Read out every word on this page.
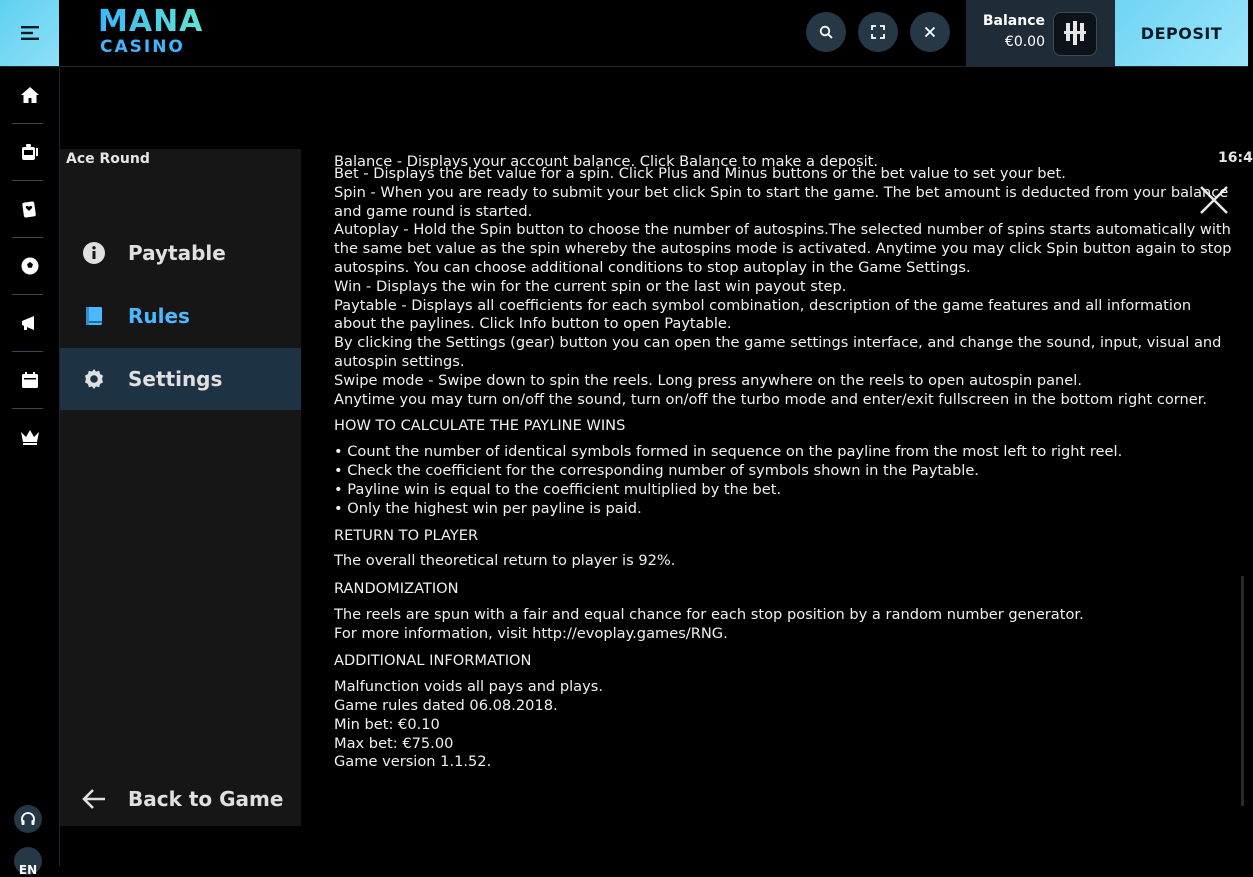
MANA
CASINO
Balance
€0.00	DEPOSIT
EN
Ace Round
Paytable
Rules
Settings
Back to Game
16:4

Balance - Displays your account balance. Click Balance to make a deposit.

Bet - Displays the bet value for a spin. Click Plus and Minus buttons or the bet value to set your bet.

Spin - When you are ready to submit your bet click Spin to start the game. The bet amount is deducted from your balance

and game round is started.

Autoplay - Hold the Spin button to choose the number of autospins.The selected number of spins starts automatically with

the same bet value as the spin whereby the autospins mode is activated. Anytime you may click Spin button again to stop

autospins. You can choose additional conditions to stop autoplay in the Game Settings.

Win - Displays the win for the current spin or the last win payout step.

Paytable - Displays all coefficients for each symbol combination, description of the game features and all information

about the paylines. Click Info button to open Paytable.

By clicking the Settings (gear) button you can open the game settings interface, and change the sound, input, visual and

autospin settings.

Swipe mode - Swipe down to spin the reels. Long press anywhere on the reels to open autospin panel.

Anytime you may turn on/off the sound, turn on/off the turbo mode and enter/exit fullscreen in the bottom right corner.

HOW TO CALCULATE THE PAYLINE WINS

• Count the number of identical symbols formed in sequence on the payline from the most left to right reel.

• Check the coefficient for the corresponding number of symbols shown in the Paytable.

• Payline win is equal to the coefficient multiplied by the bet.

• Only the highest win per payline is paid.

RETURN TO PLAYER

The overall theoretical return to player is 92%.

RANDOMIZATION

The reels are spun with a fair and equal chance for each stop position by a random number generator.

For more information, visit http://evoplay.games/RNG.

ADDITIONAL INFORMATION

Malfunction voids all pays and plays.

Game rules dated 06.08.2018.

Min bet: €0.10

Max bet: €75.00

Game version 1.1.52.
